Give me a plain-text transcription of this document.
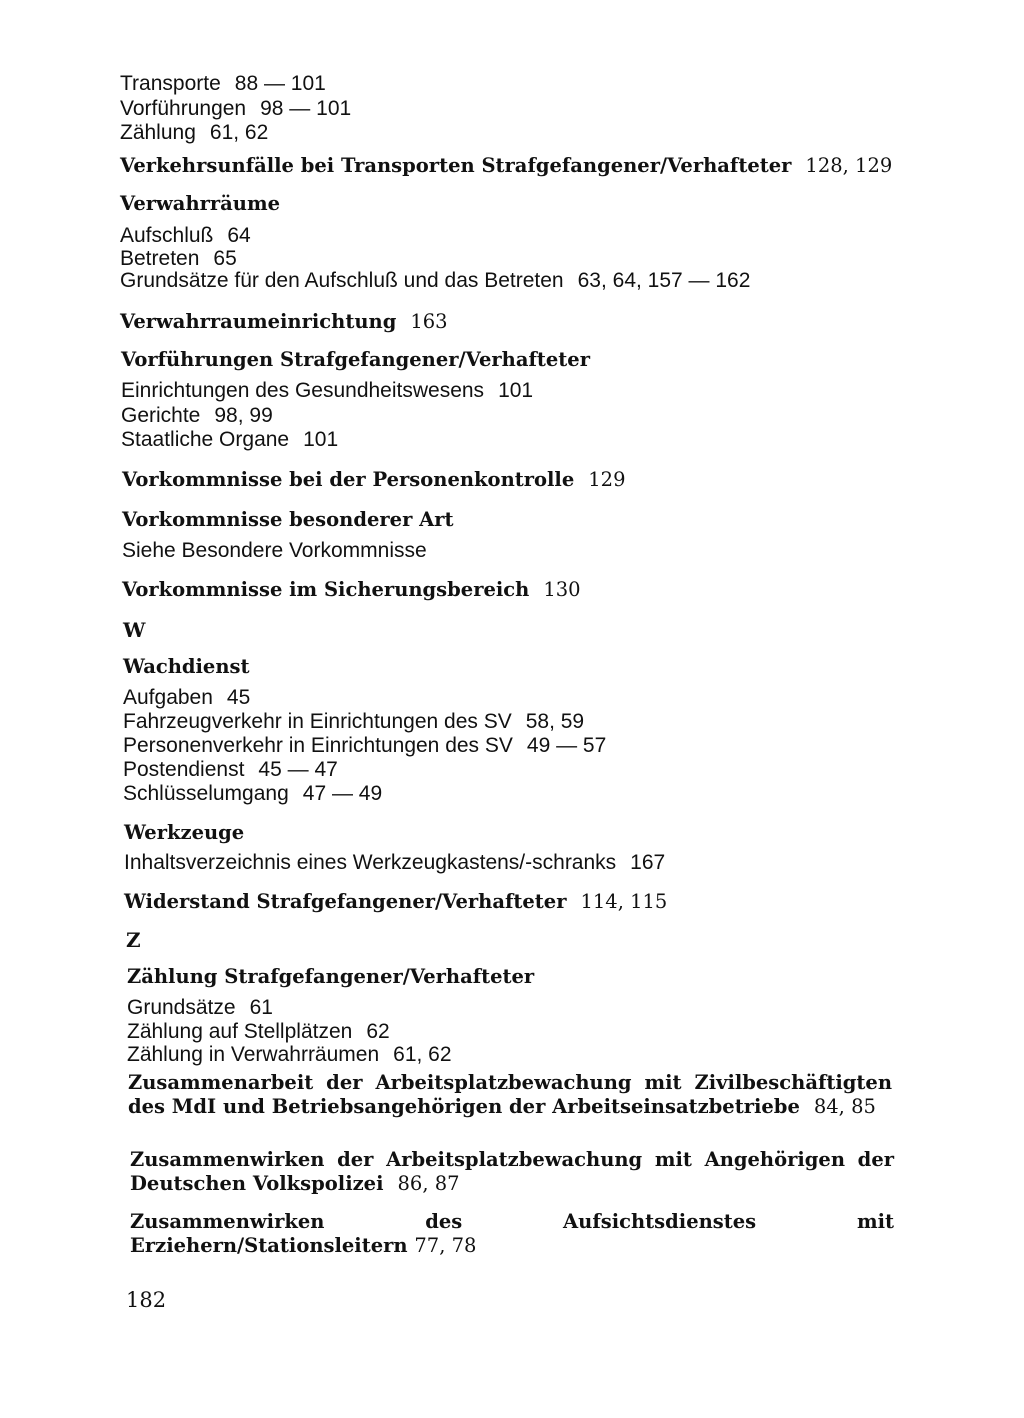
Transporte 88 — 101

Vorführungen 98 — 101

Zählung 61, 62

Verkehrsunfälle bei Transporten Strafgefangener/Verhafteter 128, 129

Verwahrräume

Aufschluß 64

Betreten 65

Grundsätze für den Aufschluß und das Betreten 63, 64, 157 — 162

Verwahrraumeinrichtung 163

Vorführungen Strafgefangener/Verhafteter

Einrichtungen des Gesundheitswesens 101

Gerichte 98, 99

Staatliche Organe 101

Vorkommnisse bei der Personenkontrolle 129

Vorkommnisse besonderer Art

Siehe Besondere Vorkommnisse

Vorkommnisse im Sicherungsbereich 130

W

Wachdienst

Aufgaben 45

Fahrzeugverkehr in Einrichtungen des SV 58, 59

Personenverkehr in Einrichtungen des SV 49 — 57

Postendienst 45 — 47

Schlüsselumgang 47 — 49

Werkzeuge

Inhaltsverzeichnis eines Werkzeugkastens/-schranks 167

Widerstand Strafgefangener/Verhafteter 114, 115

Z

Zählung Strafgefangener/Verhafteter

Grundsätze 61

Zählung auf Stellplätzen 62

Zählung in Verwahrräumen 61, 62

Zusammenarbeit der Arbeitsplatzbewachung mit Zivilbeschäftigten des MdI und Betriebsangehörigen der Arbeitseinsatzbetriebe 84, 85

Zusammenwirken der Arbeitsplatzbewachung mit Angehörigen der Deutschen Volkspolizei 86, 87

Zusammenwirken des Aufsichtsdienstes mit Erziehern/Stationsleitern 77, 78

182
